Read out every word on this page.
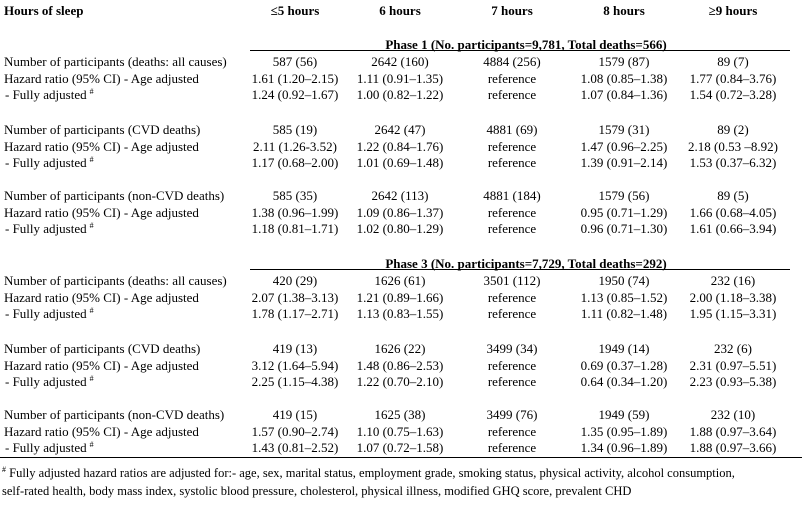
Hours of sleep	≤5 hours	6 hours	7 hours	8 hours	≥9 hours
Phase 1 (No. participants=9,781, Total deaths=566)
Number of participants (deaths: all causes)	587 (56)	2642 (160)	4884 (256)	1579 (87)	89 (7)
Hazard ratio (95% CI) - Age adjusted	1.61 (1.20–2.15)	1.11 (0.91–1.35)	reference	1.08 (0.85–1.38)	1.77 (0.84–3.76)
- Fully adjusted #	1.24 (0.92–1.67)	1.00 (0.82–1.22)	reference	1.07 (0.84–1.36)	1.54 (0.72–3.28)
Number of participants (CVD deaths)	585 (19)	2642 (47)	4881 (69)	1579 (31)	89 (2)
Hazard ratio (95% CI) - Age adjusted	2.11 (1.26-3.52)	1.22 (0.84–1.76)	reference	1.47 (0.96–2.25)	2.18 (0.53 –8.92)
- Fully adjusted #	1.17 (0.68–2.00)	1.01 (0.69–1.48)	reference	1.39 (0.91–2.14)	1.53 (0.37–6.32)
Number of participants (non-CVD deaths)	585 (35)	2642 (113)	4881 (184)	1579 (56)	89 (5)
Hazard ratio (95% CI) - Age adjusted	1.38 (0.96–1.99)	1.09 (0.86–1.37)	reference	0.95 (0.71–1.29)	1.66 (0.68–4.05)
- Fully adjusted #	1.18 (0.81–1.71)	1.02 (0.80–1.29)	reference	0.96 (0.71–1.30)	1.61 (0.66–3.94)
Phase 3 (No. participants=7,729, Total deaths=292)
Number of participants (deaths: all causes)	420 (29)	1626 (61)	3501 (112)	1950 (74)	232 (16)
Hazard ratio (95% CI) - Age adjusted	2.07 (1.38–3.13)	1.21 (0.89–1.66)	reference	1.13 (0.85–1.52)	2.00 (1.18–3.38)
- Fully adjusted #	1.78 (1.17–2.71)	1.13 (0.83–1.55)	reference	1.11 (0.82–1.48)	1.95 (1.15–3.31)
Number of participants (CVD deaths)	419 (13)	1626 (22)	3499 (34)	1949 (14)	232 (6)
Hazard ratio (95% CI) - Age adjusted	3.12 (1.64–5.94)	1.48 (0.86–2.53)	reference	0.69 (0.37–1.28)	2.31 (0.97–5.51)
- Fully adjusted #	2.25 (1.15–4.38)	1.22 (0.70–2.10)	reference	0.64 (0.34–1.20)	2.23 (0.93–5.38)
Number of participants (non-CVD deaths)	419 (15)	1625 (38)	3499 (76)	1949 (59)	232 (10)
Hazard ratio (95% CI) - Age adjusted	1.57 (0.90–2.74)	1.10 (0.75–1.63)	reference	1.35 (0.95–1.89)	1.88 (0.97–3.64)
- Fully adjusted #	1.43 (0.81–2.52)	1.07 (0.72–1.58)	reference	1.34 (0.96–1.89)	1.88 (0.97–3.66)
# Fully adjusted hazard ratios are adjusted for:- age, sex, marital status, employment grade, smoking status, physical activity, alcohol consumption,
self-rated health, body mass index, systolic blood pressure, cholesterol, physical illness, modified GHQ score, prevalent CHD
